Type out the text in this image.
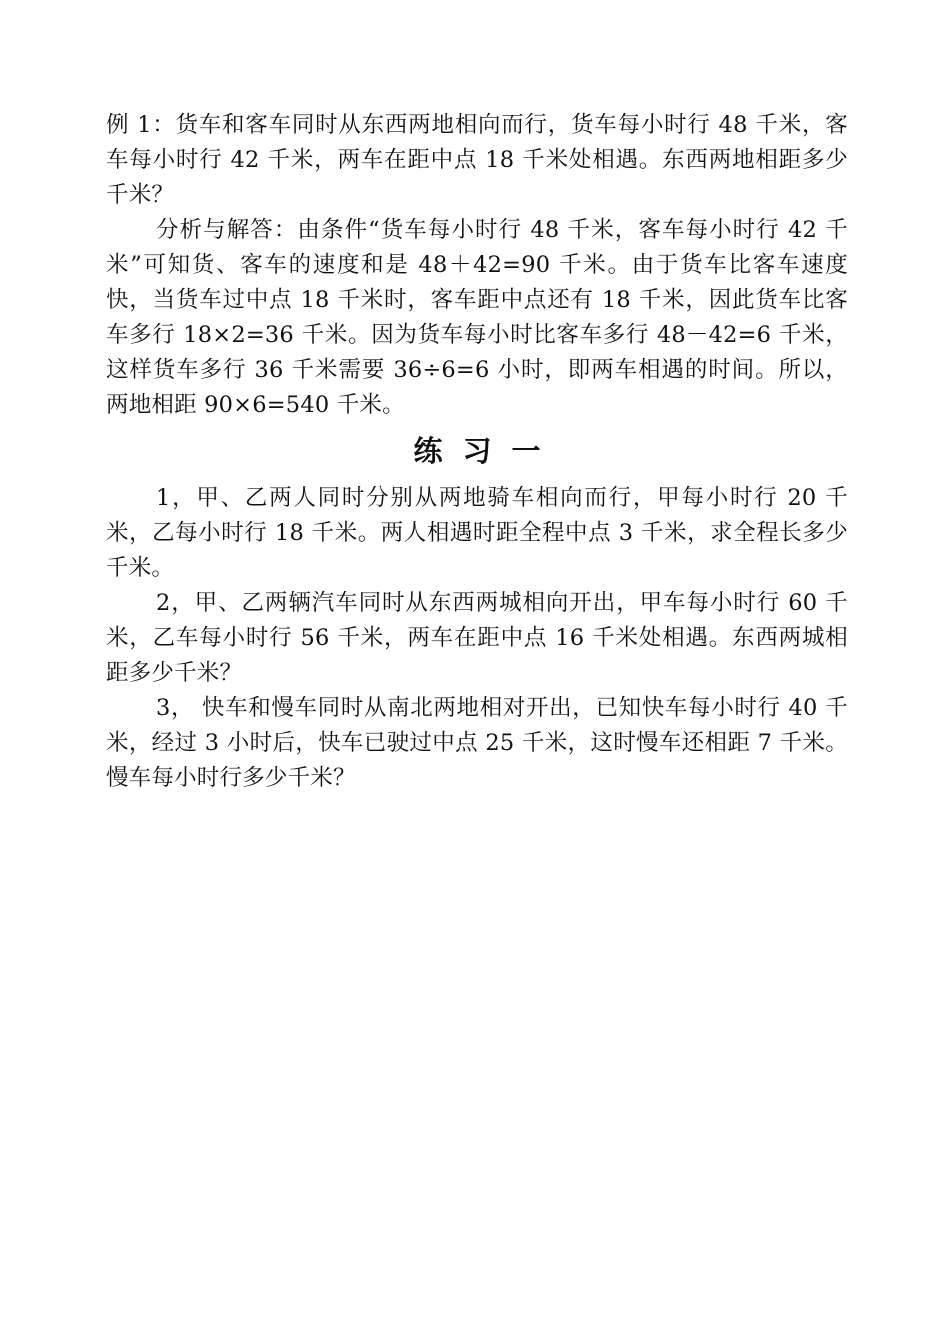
例 1：货车和客车同时从东西两地相向而行，货车每小时行 48 千米，客车每小时行 42 千米，两车在距中点 18 千米处相遇。东西两地相距多少千米？

分析与解答：由条件“货车每小时行 48 千米，客车每小时行 42 千米”可知货、客车的速度和是 48＋42=90 千米。由于货车比客车速度快，当货车过中点 18 千米时，客车距中点还有 18 千米，因此货车比客车多行 18×2=36 千米。因为货车每小时比客车多行 48－42=6 千米，这样货车多行 36 千米需要 36÷6=6 小时，即两车相遇的时间。所以，两地相距 90×6=540 千米。

练习一

1，甲、乙两人同时分别从两地骑车相向而行，甲每小时行 20 千米，乙每小时行 18 千米。两人相遇时距全程中点 3 千米，求全程长多少千米。

2，甲、乙两辆汽车同时从东西两城相向开出，甲车每小时行 60 千米，乙车每小时行 56 千米，两车在距中点 16 千米处相遇。东西两城相距多少千米？

3， 快车和慢车同时从南北两地相对开出，已知快车每小时行 40 千米，经过 3 小时后，快车已驶过中点 25 千米，这时慢车还相距 7 千米。慢车每小时行多少千米？
